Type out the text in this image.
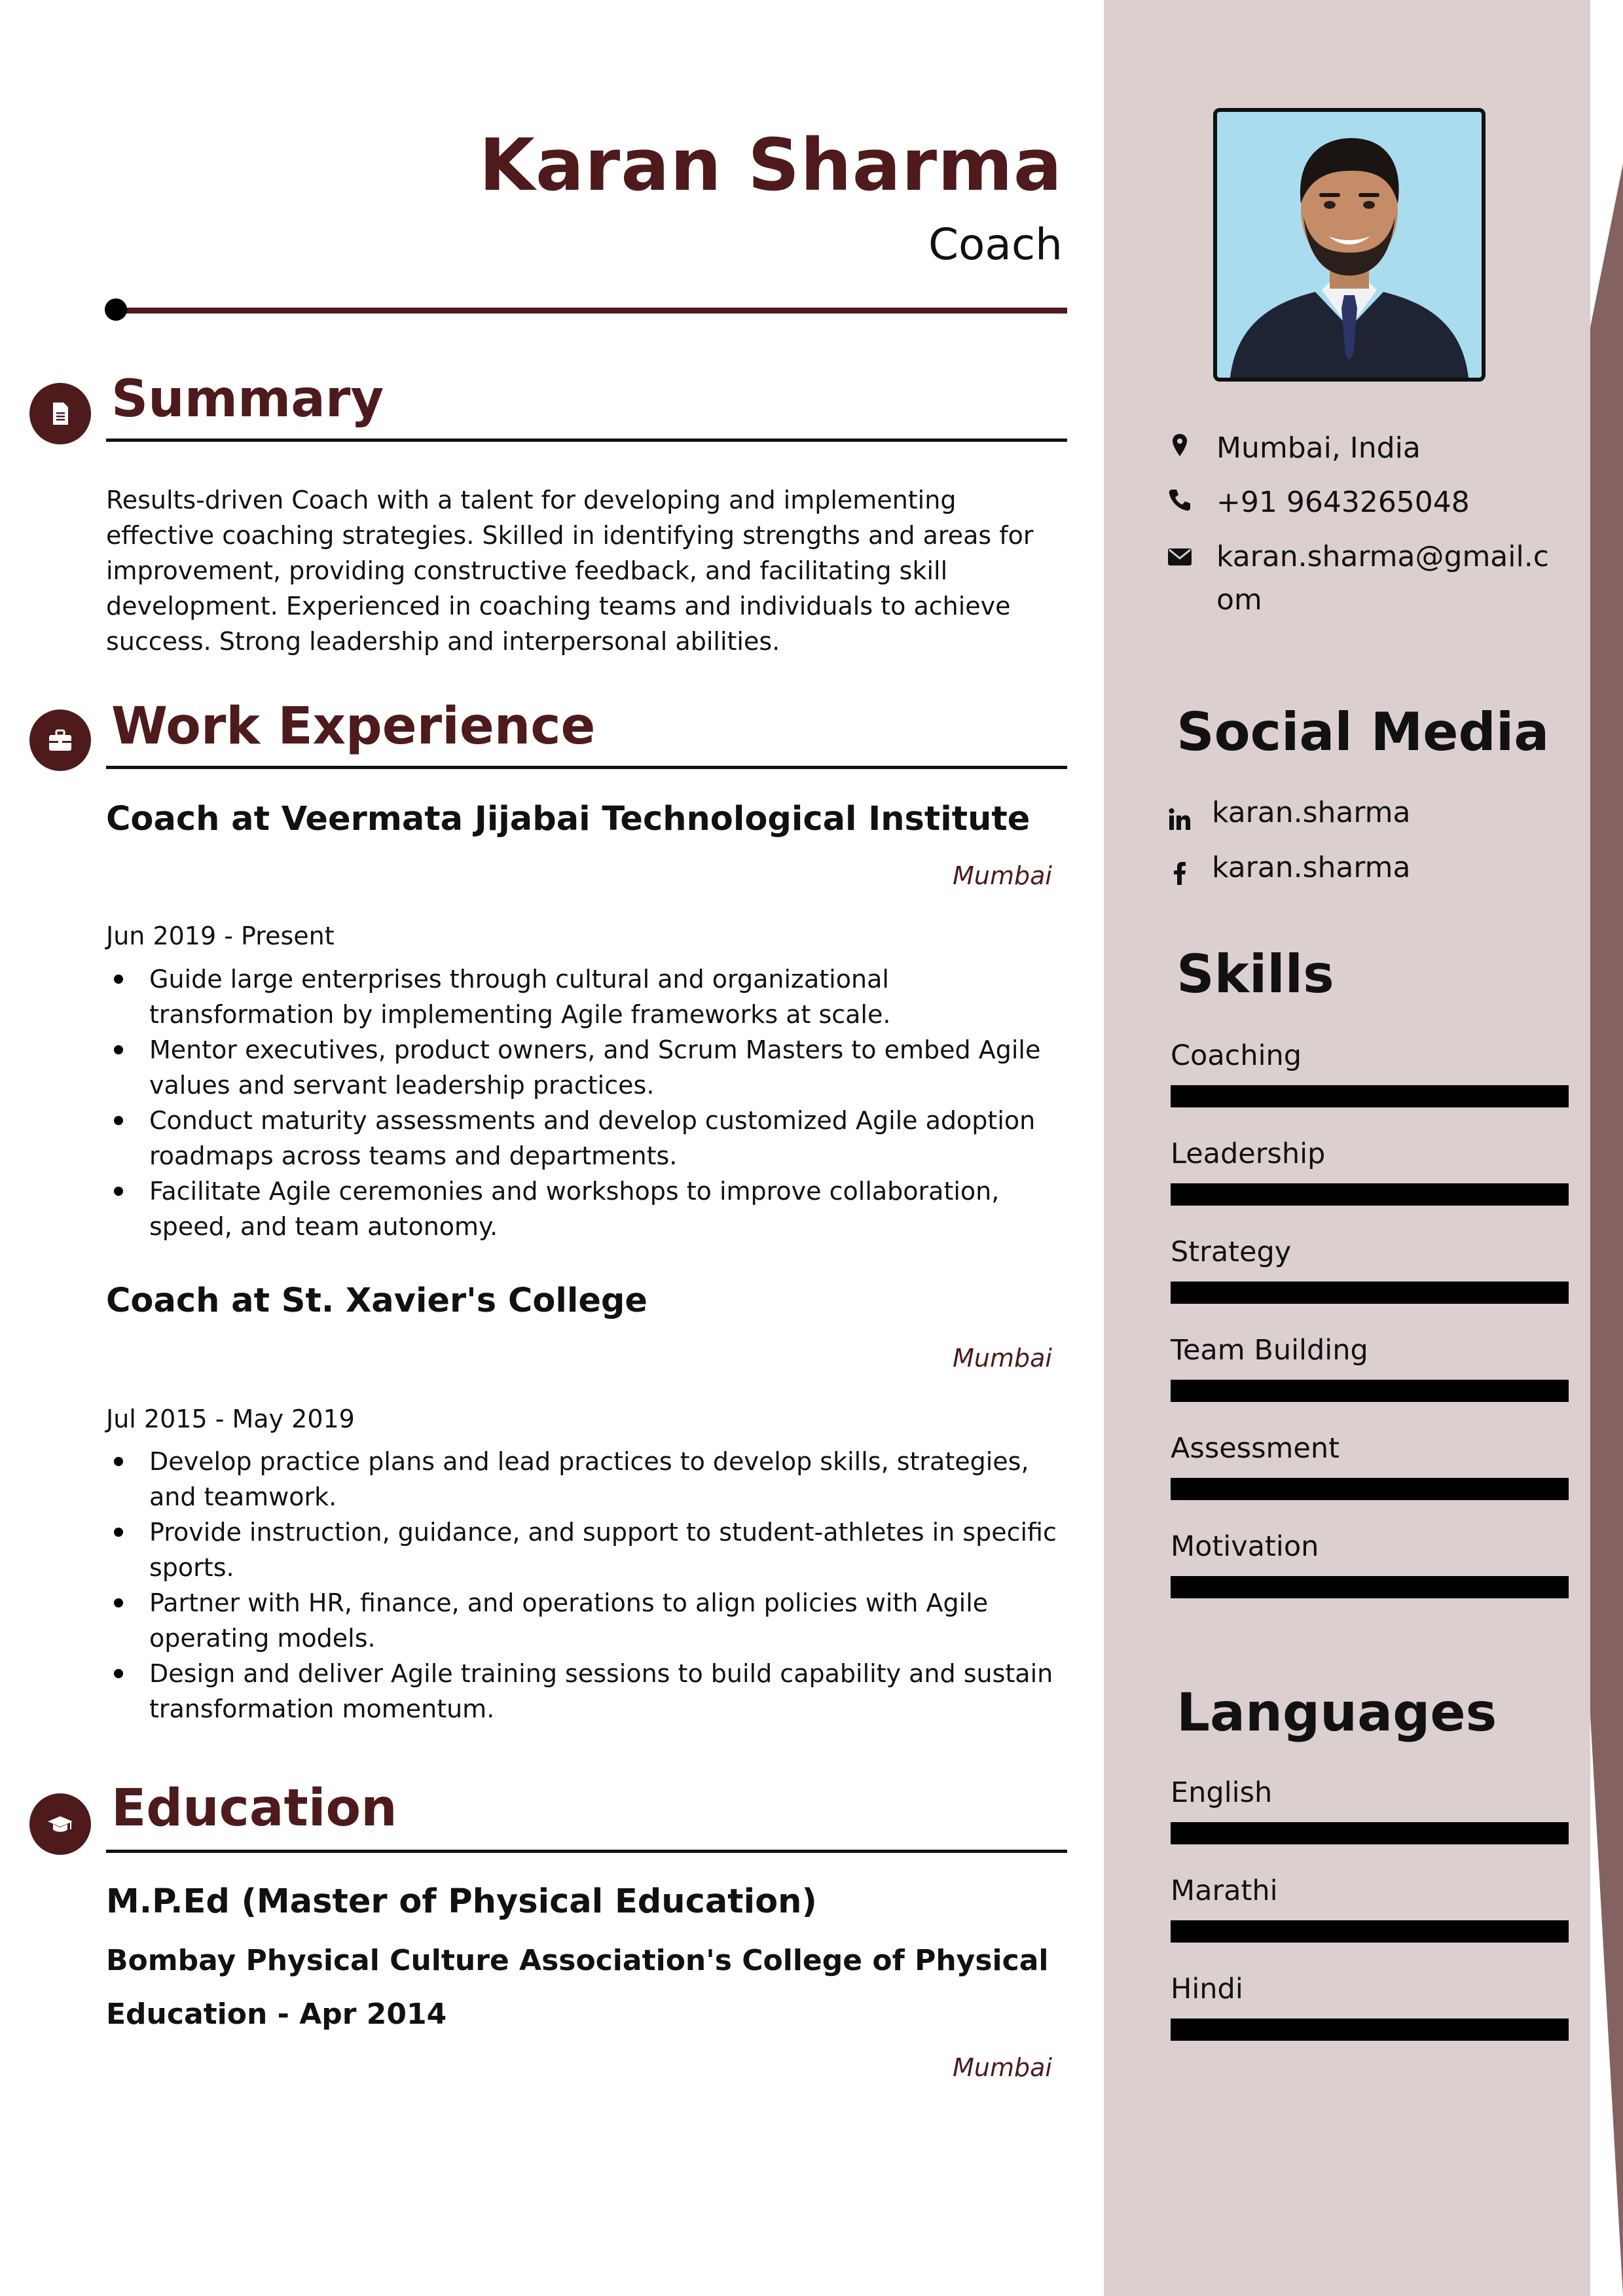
Karan Sharma
Coach
Summary
Results-driven Coach with a talent for developing and implementing effective coaching strategies. Skilled in identifying strengths and areas for improvement, providing constructive feedback, and facilitating skill development. Experienced in coaching teams and individuals to achieve success. Strong leadership and interpersonal abilities.
Work Experience
Coach at Veermata Jijabai Technological Institute
Mumbai
Jun 2019 - Present
Guide large enterprises through cultural and organizational transformation by implementing Agile frameworks at scale.
Mentor executives, product owners, and Scrum Masters to embed Agile values and servant leadership practices.
Conduct maturity assessments and develop customized Agile adoption roadmaps across teams and departments.
Facilitate Agile ceremonies and workshops to improve collaboration, speed, and team autonomy.
Coach at St. Xavier's College
Mumbai
Jul 2015 - May 2019
Develop practice plans and lead practices to develop skills, strategies, and teamwork.
Provide instruction, guidance, and support to student-athletes in specific sports.
Partner with HR, finance, and operations to align policies with Agile operating models.
Design and deliver Agile training sessions to build capability and sustain transformation momentum.
Education
M.P.Ed (Master of Physical Education)
Bombay Physical Culture Association's College of Physical Education - Apr 2014
Mumbai
Mumbai, India
+91 9643265048
karan.sharma@gmail.com
Social Media
karan.sharma
karan.sharma
Skills
Coaching
Leadership
Strategy
Team Building
Assessment
Motivation
Languages
English
Marathi
Hindi
